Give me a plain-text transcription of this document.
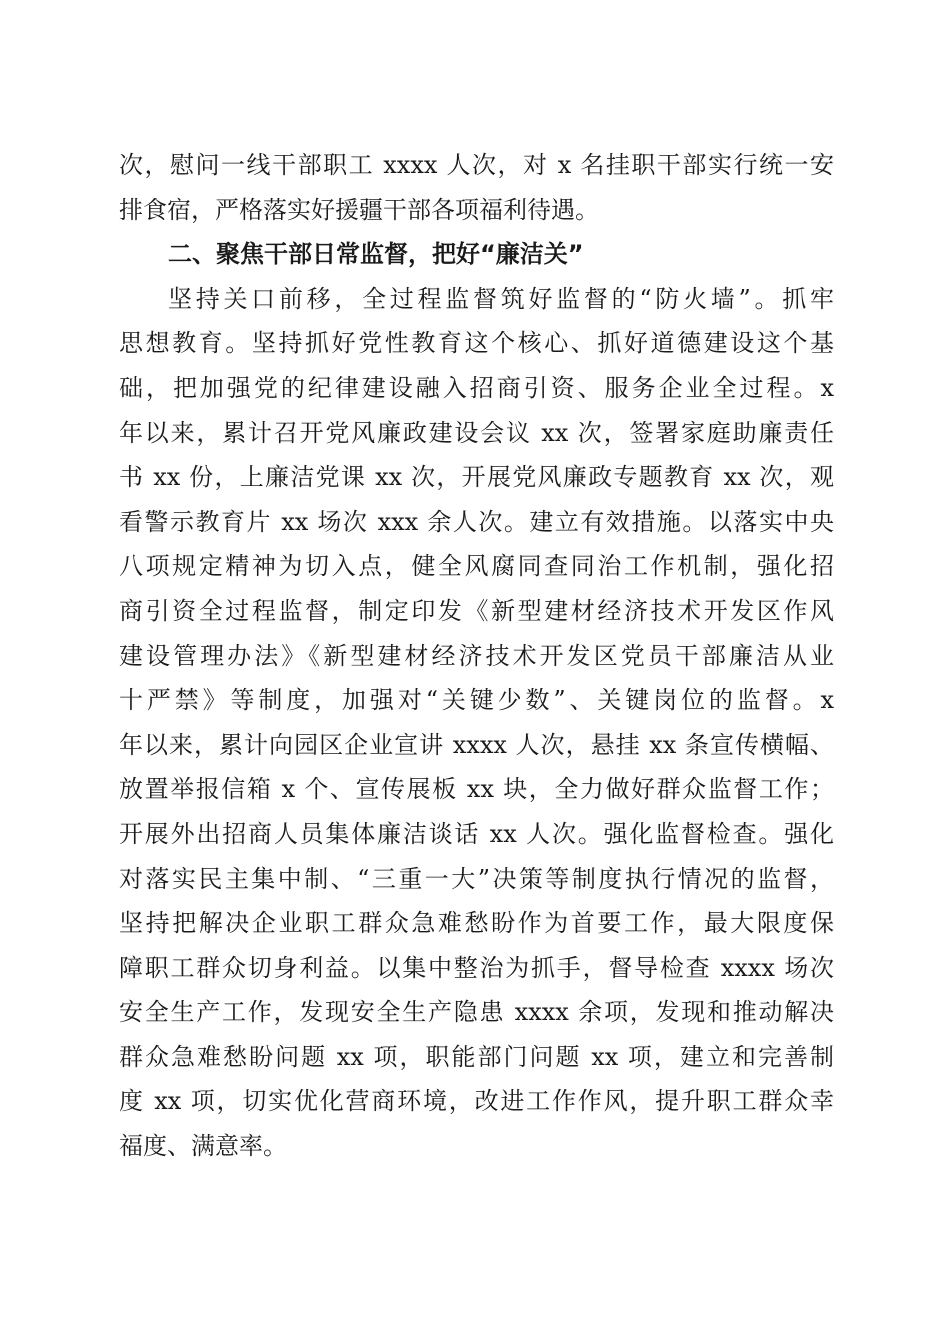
次，慰问一线干部职工 xxxx 人次，对 x 名挂职干部实行统一安
排食宿，严格落实好援疆干部各项福利待遇。
二、聚焦干部日常监督，把好“廉洁关”
坚持关口前移，全过程监督筑好监督的“防火墙”。抓牢
思想教育。坚持抓好党性教育这个核心、抓好道德建设这个基
础，把加强党的纪律建设融入招商引资、服务企业全过程。x
年以来，累计召开党风廉政建设会议 xx 次，签署家庭助廉责任
书 xx 份，上廉洁党课 xx 次，开展党风廉政专题教育 xx 次，观
看警示教育片 xx 场次 xxx 余人次。建立有效措施。以落实中央
八项规定精神为切入点，健全风腐同查同治工作机制，强化招
商引资全过程监督，制定印发《新型建材经济技术开发区作风
建设管理办法》《新型建材经济技术开发区党员干部廉洁从业
十严禁》等制度，加强对“关键少数”、关键岗位的监督。x
年以来，累计向园区企业宣讲 xxxx 人次，悬挂 xx 条宣传横幅、
放置举报信箱 x 个、宣传展板 xx 块，全力做好群众监督工作；
开展外出招商人员集体廉洁谈话 xx 人次。强化监督检查。强化
对落实民主集中制、“三重一大”决策等制度执行情况的监督，
坚持把解决企业职工群众急难愁盼作为首要工作，最大限度保
障职工群众切身利益。以集中整治为抓手，督导检查 xxxx 场次
安全生产工作，发现安全生产隐患 xxxx 余项，发现和推动解决
群众急难愁盼问题 xx 项，职能部门问题 xx 项，建立和完善制
度 xx 项，切实优化营商环境，改进工作作风，提升职工群众幸
福度、满意率。
